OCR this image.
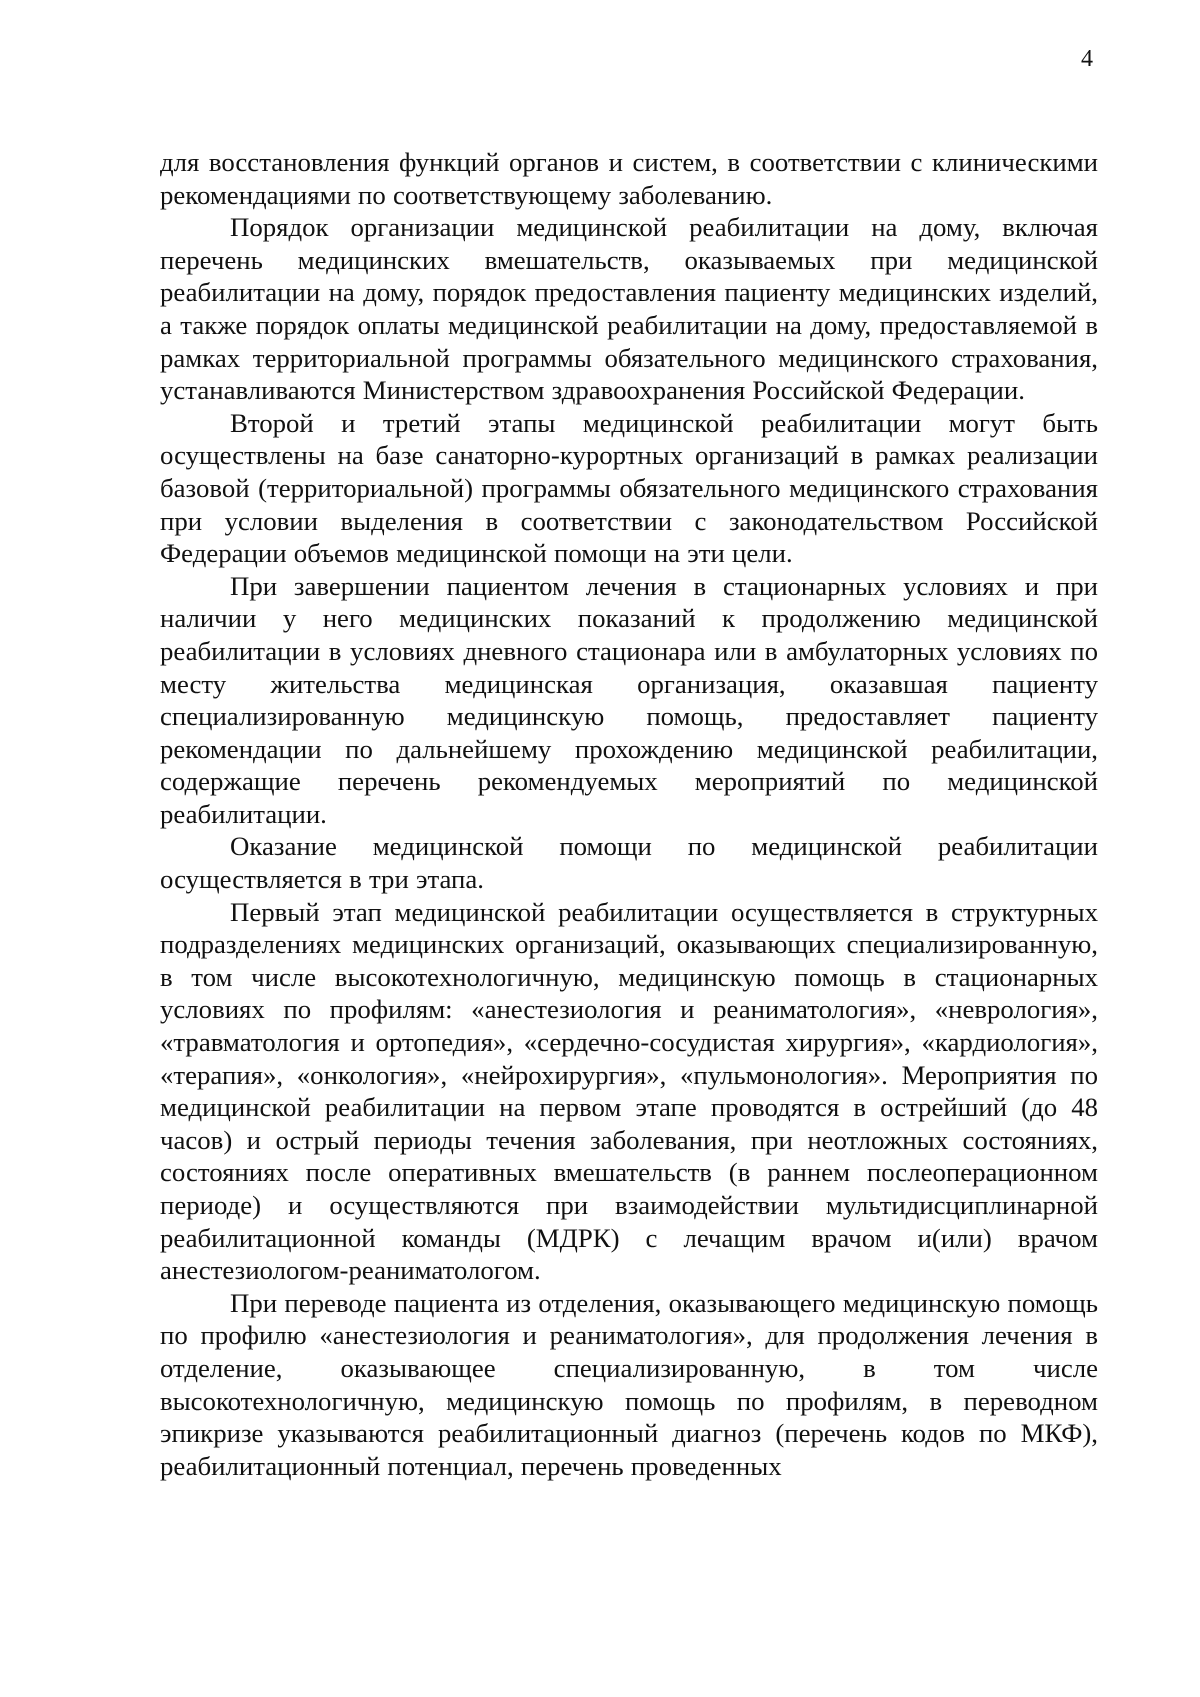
4

для восстановления функций органов и систем, в соответствии с клиническими рекомендациями по соответствующему заболеванию.

Порядок организации медицинской реабилитации на дому, включая перечень медицинских вмешательств, оказываемых при медицинской реабилитации на дому, порядок предоставления пациенту медицинских изделий, а также порядок оплаты медицинской реабилитации на дому, предоставляемой в рамках территориальной программы обязательного медицинского страхования, устанавливаются Министерством здравоохранения Российской Федерации.

Второй и третий этапы медицинской реабилитации могут быть осуществлены на базе санаторно-курортных организаций в рамках реализации базовой (территориальной) программы обязательного медицинского страхования при условии выделения в соответствии с законодательством Российской Федерации объемов медицинской помощи на эти цели.

При завершении пациентом лечения в стационарных условиях и при наличии у него медицинских показаний к продолжению медицинской реабилитации в условиях дневного стационара или в амбулаторных условиях по месту жительства медицинская организация, оказавшая пациенту специализированную медицинскую помощь, предоставляет пациенту рекомендации по дальнейшему прохождению медицинской реабилитации, содержащие перечень рекомендуемых мероприятий по медицинской реабилитации.

Оказание медицинской помощи по медицинской реабилитации осуществляется в три этапа.

Первый этап медицинской реабилитации осуществляется в структурных подразделениях медицинских организаций, оказывающих специализированную, в том числе высокотехнологичную, медицинскую помощь в стационарных условиях по профилям: «анестезиология и реаниматология», «неврология», «травматология и ортопедия», «сердечно-сосудистая хирургия», «кардиология», «терапия», «онкология», «нейрохирургия», «пульмонология». Мероприятия по медицинской реабилитации на первом этапе проводятся в острейший (до 48 часов) и острый периоды течения заболевания, при неотложных состояниях, состояниях после оперативных вмешательств (в раннем послеоперационном периоде) и осуществляются при взаимодействии мультидисциплинарной реабилитационной команды (МДРК) с лечащим врачом и(или) врачом анестезиологом-реаниматологом.

При переводе пациента из отделения, оказывающего медицинскую помощь по профилю «анестезиология и реаниматология», для продолжения лечения в отделение, оказывающее специализированную, в том числе высокотехнологичную, медицинскую помощь по профилям, в переводном эпикризе указываются реабилитационный диагноз (перечень кодов по МКФ), реабилитационный потенциал, перечень проведенных
